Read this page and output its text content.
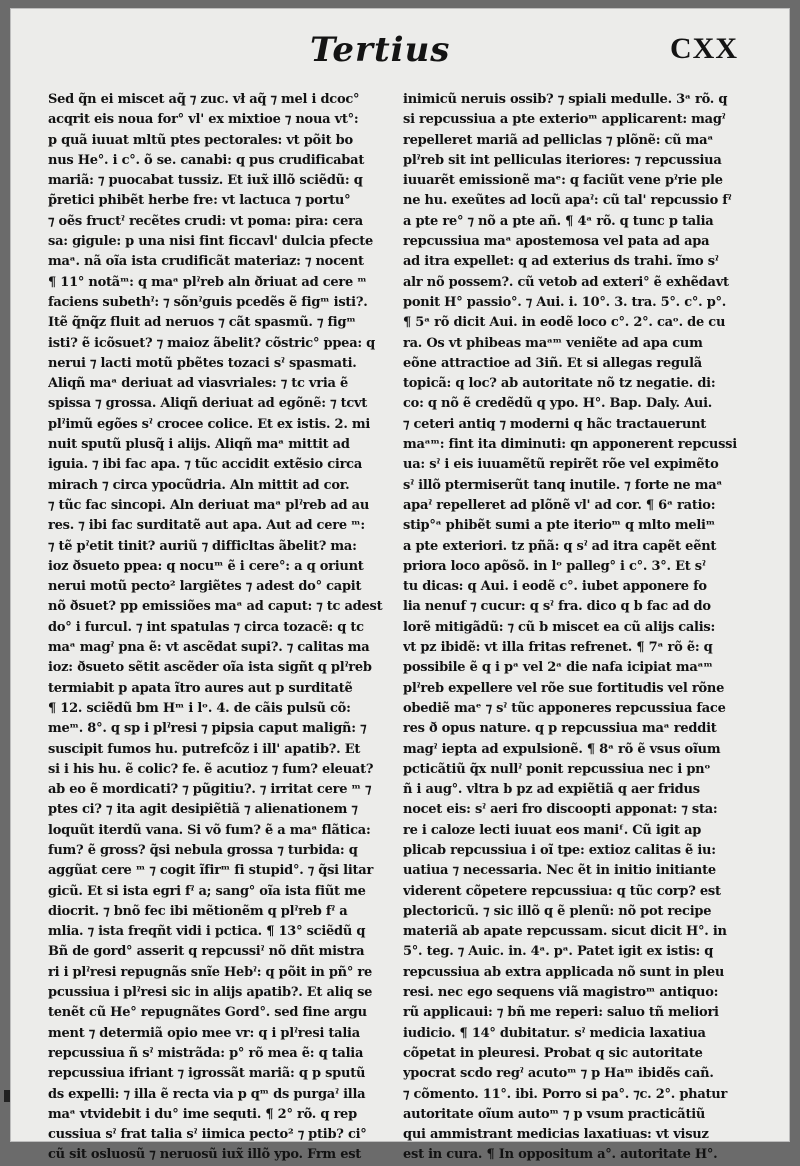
Tertius	CXX
Sed q̃n ei miscet aq̃ ⁊ zuc. vł aq̃ ⁊ mel i dcoc°
acqrit eis noua for° vl' ex mixtioe ⁊ noua vt°:
p quã iuuat mltũ ptes pectorales: vt põit bo
nus He°. i c°. õ se. canabi: q pus crudificabat
mariã: ⁊ puocabat tussiz. Et iux̃ illõ sciẽdũ: q
p̃retici phibẽt herbe fre: vt lactuca ⁊ portu°
⁊ oẽs fructˀ recẽtes crudi: vt poma: pira: cera
sa: gigule: p una nisi fint ficcavl' dulcia pfecte
maᵃ. nã oĩa ista crudificãt materiaz: ⁊ nocent
¶ 11° notãᵐ: q maᵃ plˀreb aln ðriuat ad cere ᵐ
faciens subethˀ: ⁊ sõnˀguis pcedẽs ẽ figᵐ isti?.
Itẽ q̃nq̃z fluit ad neruos ⁊ cãt spasmũ. ⁊ figᵐ
isti? ẽ icõsuet? ⁊ maioz ãbelit? cõstric° ppea: q
nerui ⁊ lacti motũ pbẽtes tozaci sˀ spasmati.
Aliqñ maᵃ deriuat ad viasvriales: ⁊ tc vria ẽ
spissa ⁊ grossa. Aliqñ deriuat ad egõnẽ: ⁊ tcvt
plˀimũ egões sˀ crocee colice. Et ex istis. 2. mi
nuit sputũ plusq̃ i alijs. Aliqñ maᵃ mittit ad
iguia. ⁊ ibi fac apa. ⁊ tũc accidit extẽsio circa
mirach ⁊ circa ypocũdria. Aln mittit ad cor.
⁊ tũc fac sincopi. Aln deriuat maᵃ plˀreb ad au
res. ⁊ ibi fac surditatẽ aut apa. Aut ad cere ᵐ:
⁊ tẽ pˀetit tinit? auriũ ⁊ difficltas ãbelit? ma:
ioz ðsueto ppea: q nocuᵐ ẽ i cere°: a q oriunt
nerui motũ pecto² largiẽtes ⁊ adest do° capit
nõ ðsuet? pp emissiões maᵃ ad caput: ⁊ tc adest
do° i furcul. ⁊ int spatulas ⁊ circa tozacẽ: q tc
maᵃ magˀ pna ẽ: vt ascẽdat supi?. ⁊ calitas ma
ioz: ðsueto sẽtit ascẽder oĩa ista sigñt q plˀreb
termiabit p apata ĩtro aures aut p surditatẽ
¶ 12. sciẽdũ bm Hᵐ i lᵒ. 4. de cãis pulsũ cõ:
meᵐ. 8°. q sp i plˀresi ⁊ pipsia caput maligñ: ⁊
suscipit fumos hu. putrefcõz i ill' apatib?. Et
si i his hu. ẽ colic? fe. ẽ acutioz ⁊ fum? eleuat?
ab eo ẽ mordicati? ⁊ pũgitiu?. ⁊ irritat cere ᵐ ⁊
ptes ci? ⁊ ita agit desipiẽtiã ⁊ alienationem ⁊
loquũt iterdũ vana. Si võ fum? ẽ a maᵃ flãtica:
fum? ẽ gross? q̃si nebula grossa ⁊ turbida: q
aggũat cere ᵐ ⁊ cogit ĩfirᵐ fi stupid°. ⁊ q̃si litar
gicũ. Et si ista egri fˀ a; sang° oĩa ista fiũt me
diocrit. ⁊ bnõ fec ibi mẽtionẽm q plˀreb fˀ a
mlia. ⁊ ista freqñt vidi i pctica. ¶ 13° sciẽdũ q
Bñ de gord° asserit q repcussiˀ nõ dñt mistra
ri i plˀresi repugnãs snĩe Hebˀ: q põit in pñ° re
pcussiua i plˀresi sic in alijs apatib?. Et aliq se
tenẽt cũ He° repugnãtes Gord°. sed fine argu
ment ⁊ determiã opio mee vr: q i plˀresi talia
repcussiua ñ sˀ mistrãda: p° rõ mea ẽ: q talia
repcussiua ifriant ⁊ igrossãt mariã: q p sputũ
ds expelli: ⁊ illa ẽ recta via p qᵐ ds purgaˀ illa
maᵃ vtvidebit i du° ime sequti. ¶ 2° rõ. q rep
cussiua sˀ frat talia sˀ iimica pecto² ⁊ ptib? ci°
cũ sit osluosũ ⁊ neruosũ iux̃ illõ ypo. Frm est
inimicũ neruis ossib? ⁊ spiali medulle. 3ᵃ rõ. q
si repcussiua a pte exterioᵐ applicarent: magˀ
repelleret mariã ad pelliclas ⁊ plõnẽ: cũ maᵃ
plˀreb sit int pelliculas iteriores: ⁊ repcussiua
iuuarẽt emissionẽ maᵉ: q faciũt vene pˀrie ple
ne hu. exeũtes ad locũ apaˀ: cũ tal' repcussio fˀ
a pte re° ⁊ nõ a pte añ. ¶ 4ᵃ rõ. q tunc p talia
repcussiua maᵃ apostemosa vel pata ad apa
ad itra expellet: q ad exterius ds trahi. ĩmo sˀ
alr nõ possem?. cũ vetob ad exteri° ẽ exhẽdavt
ponit H° passio°. ⁊ Aui. i. 10°. 3. tra. 5°. c°. p°.
¶ 5ᵃ rõ dicit Aui. in eodẽ loco c°. 2°. caᵒ. de cu
ra. Os vt phibeas maᵃᵐ veniẽte ad apa cum
eõne attractioe ad 3iñ. Et si allegas regulã
topicã: q loc? ab autoritate nõ tz negatie. di:
co: q nõ ẽ credẽdũ q ypo. H°. Bap. Daly. Aui.
⁊ ceteri antiq ⁊ moderni q hãc tractauerunt
maᵃᵐ: fint ita diminuti: qn apponerent repcussi
ua: sˀ i eis iuuamẽtũ repirẽt rõe vel expimẽto
sˀ illõ ptermiserũt tanq inutile. ⁊ forte ne maᵃ
apaˀ repelleret ad plõnẽ vl' ad cor. ¶ 6ᵃ ratio:
stip°ᵃ phibẽt sumi a pte iterioᵐ q mlto meliᵐ
a pte exteriori. tz pñã: q sˀ ad itra capẽt eẽnt
priora loco apõsõ. in lᵒ palleg° i c°. 3°. Et sˀ
tu dicas: q Aui. i eodẽ c°. iubet apponere fo
lia nenuf ⁊ cucur: q sˀ fra. dico q b fac ad do
lorẽ mitigãdũ: ⁊ cũ b miscet ea cũ alijs calis:
vt pz ibidẽ: vt illa fritas refrenet. ¶ 7ᵃ rõ ẽ: q
possibile ẽ q i pᵃ vel 2ᵃ die nafa icipiat maᵃᵐ
plˀreb expellere vel rõe sue fortitudis vel rõne
obediẽ maᵉ ⁊ sˀ tũc apponeres repcussiua face
res ð opus nature. q p repcussiua maᵃ reddit
magˀ iepta ad expulsionẽ. ¶ 8ᵃ rõ ẽ vsus oĩum
pcticãtiũ q̃x nullˀ ponit repcussiua nec i pnᵒ
ñ i aug°. vltra b pz ad expiẽtiã q aer fridus
nocet eis: sˀ aeri fro discoopti apponat: ⁊ sta:
re i caloze lecti iuuat eos maniᶠ. Cũ igit ap
plicab repcussiua i oĩ tpe: extioz calitas ẽ iu:
uatiua ⁊ necessaria. Nec ẽt in initio initiante
viderent cõpetere repcussiua: q tũc corp? est
plectoricũ. ⁊ sic illõ q ẽ plenũ: nõ pot recipe
materiã ab apate repcussam. sicut dicit H°. in
5°. teg. ⁊ Auic. in. 4ᵃ. pᵃ. Patet igit ex istis: q
repcussiua ab extra applicada nõ sunt in pleu
resi. nec ego sequens viã magistroᵐ antiquo:
rũ applicaui: ⁊ bñ me reperi: saluo tñ meliori
iudicio. ¶ 14° dubitatur. sˀ medicia laxatiua
cõpetat in pleuresi. Probat q sic autoritate
ypocrat scdo regˀ acutoᵐ ⁊ p Haᵐ ibidẽs cañ.
⁊ cõmento. 11°. ibi. Porro si pa°. ⁊c. 2°. phatur
autoritate oĩum autoᵐ ⁊ p vsum practicãtiũ
qui ammistrant medicias laxatiuas: vt visuz
est in cura. ¶ In oppositum a°. autoritate H°.
